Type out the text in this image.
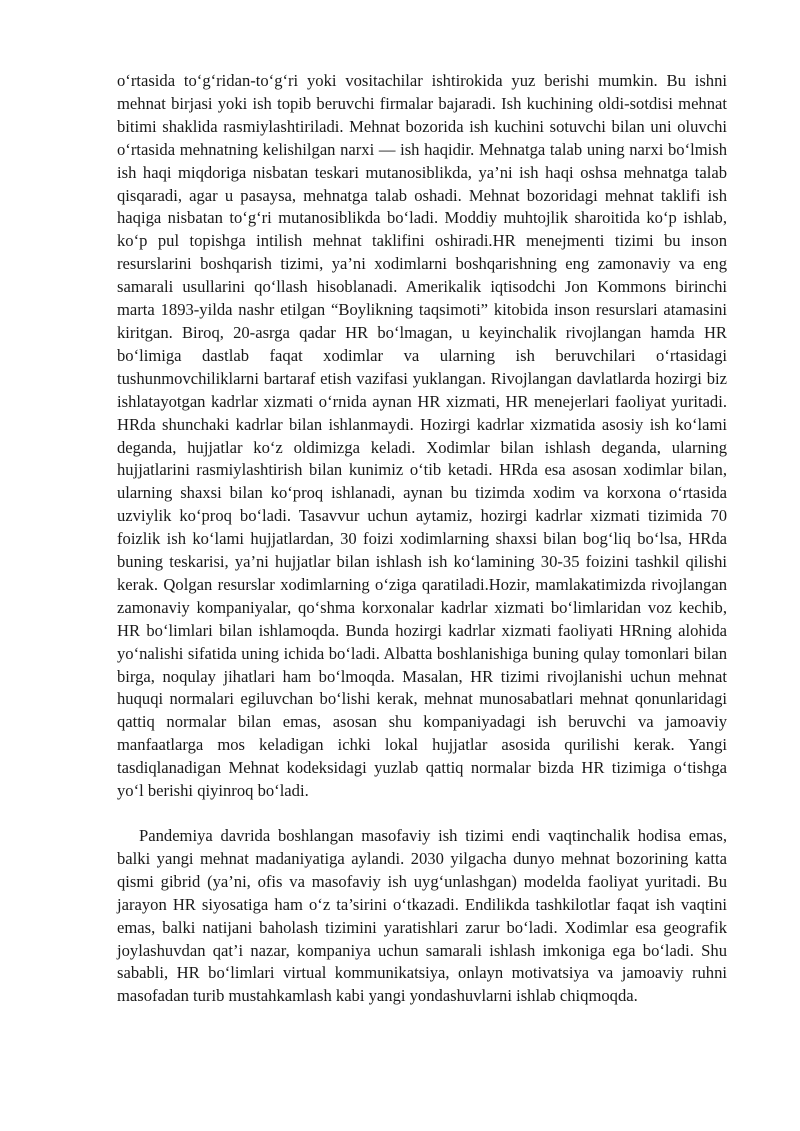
o‘rtasida to‘g‘ridan-to‘g‘ri yoki vositachilar ishtirokida yuz berishi mumkin. Bu ishni mehnat birjasi yoki ish topib beruvchi firmalar bajaradi. Ish kuchining oldi-sotdisi mehnat bitimi shaklida rasmiylashtiriladi. Mehnat bozorida ish kuchini sotuvchi bilan uni oluvchi o‘rtasida mehnatning kelishilgan narxi — ish haqidir. Mehnatga talab uning narxi bo‘lmish ish haqi miqdoriga nisbatan teskari mutanosiblikda, ya’ni ish haqi oshsa mehnatga talab qisqaradi, agar u pasaysa, mehnatga talab oshadi. Mehnat bozoridagi mehnat taklifi ish haqiga nisbatan to‘g‘ri mutanosiblikda bo‘ladi. Moddiy muhtojlik sharoitida ko‘p ishlab, ko‘p pul topishga intilish mehnat taklifini oshiradi.HR menejmenti tizimi bu inson resurslarini boshqarish tizimi, ya’ni xodimlarni boshqarishning eng zamonaviy va eng samarali usullarini qo‘llash hisoblanadi. Amerikalik iqtisodchi Jon Kommons birinchi marta 1893-yilda nashr etilgan “Boylikning taqsimoti” kitobida inson resurslari atamasini kiritgan. Biroq, 20-asrga qadar HR bo‘lmagan, u keyinchalik rivojlangan hamda HR bo‘limiga dastlab faqat xodimlar va ularning ish beruvchilari o‘rtasidagi tushunmovchiliklarni bartaraf etish vazifasi yuklangan. Rivojlangan davlatlarda hozirgi biz ishlatayotgan kadrlar xizmati o‘rnida aynan HR xizmati, HR menejerlari faoliyat yuritadi. HRda shunchaki kadrlar bilan ishlanmaydi. Hozirgi kadrlar xizmatida asosiy ish ko‘lami deganda, hujjatlar ko‘z oldimizga keladi. Xodimlar bilan ishlash deganda, ularning hujjatlarini rasmiylashtirish bilan kunimiz o‘tib ketadi. HRda esa asosan xodimlar bilan, ularning shaxsi bilan ko‘proq ishlanadi, aynan bu tizimda xodim va korxona o‘rtasida uzviylik ko‘proq bo‘ladi. Tasavvur uchun aytamiz, hozirgi kadrlar xizmati tizimida 70 foizlik ish ko‘lami hujjatlardan, 30 foizi xodimlarning shaxsi bilan bog‘liq bo‘lsa, HRda buning teskarisi, ya’ni hujjatlar bilan ishlash ish ko‘lamining 30-35 foizini tashkil qilishi kerak. Qolgan resurslar xodimlarning o‘ziga qaratiladi.Hozir, mamlakatimizda rivojlangan zamonaviy kompaniyalar, qo‘shma korxonalar kadrlar xizmati bo‘limlaridan voz kechib, HR bo‘limlari bilan ishlamoqda. Bunda hozirgi kadrlar xizmati faoliyati HRning alohida yo‘nalishi sifatida uning ichida bo‘ladi. Albatta boshlanishiga buning qulay tomonlari bilan birga, noqulay jihatlari ham bo‘lmoqda. Masalan, HR tizimi rivojlanishi uchun mehnat huquqi normalari egiluvchan bo‘lishi kerak, mehnat munosabatlari mehnat qonunlaridagi qattiq normalar bilan emas, asosan shu kompaniyadagi ish beruvchi va jamoaviy manfaatlarga mos keladigan ichki lokal hujjatlar asosida qurilishi kerak. Yangi tasdiqlanadigan Mehnat kodeksidagi yuzlab qattiq normalar bizda HR tizimiga o‘tishga yo‘l berishi qiyinroq bo‘ladi.

Pandemiya davrida boshlangan masofaviy ish tizimi endi vaqtinchalik hodisa emas, balki yangi mehnat madaniyatiga aylandi. 2030 yilgacha dunyo mehnat bozorining katta qismi gibrid (ya’ni, ofis va masofaviy ish uyg‘unlashgan) modelda faoliyat yuritadi. Bu jarayon HR siyosatiga ham o‘z ta’sirini o‘tkazadi. Endilikda tashkilotlar faqat ish vaqtini emas, balki natijani baholash tizimini yaratishlari zarur bo‘ladi. Xodimlar esa geografik joylashuvdan qat’i nazar, kompaniya uchun samarali ishlash imkoniga ega bo‘ladi. Shu sababli, HR bo‘limlari virtual kommunikatsiya, onlayn motivatsiya va jamoaviy ruhni masofadan turib mustahkamlash kabi yangi yondashuvlarni ishlab chiqmoqda.
